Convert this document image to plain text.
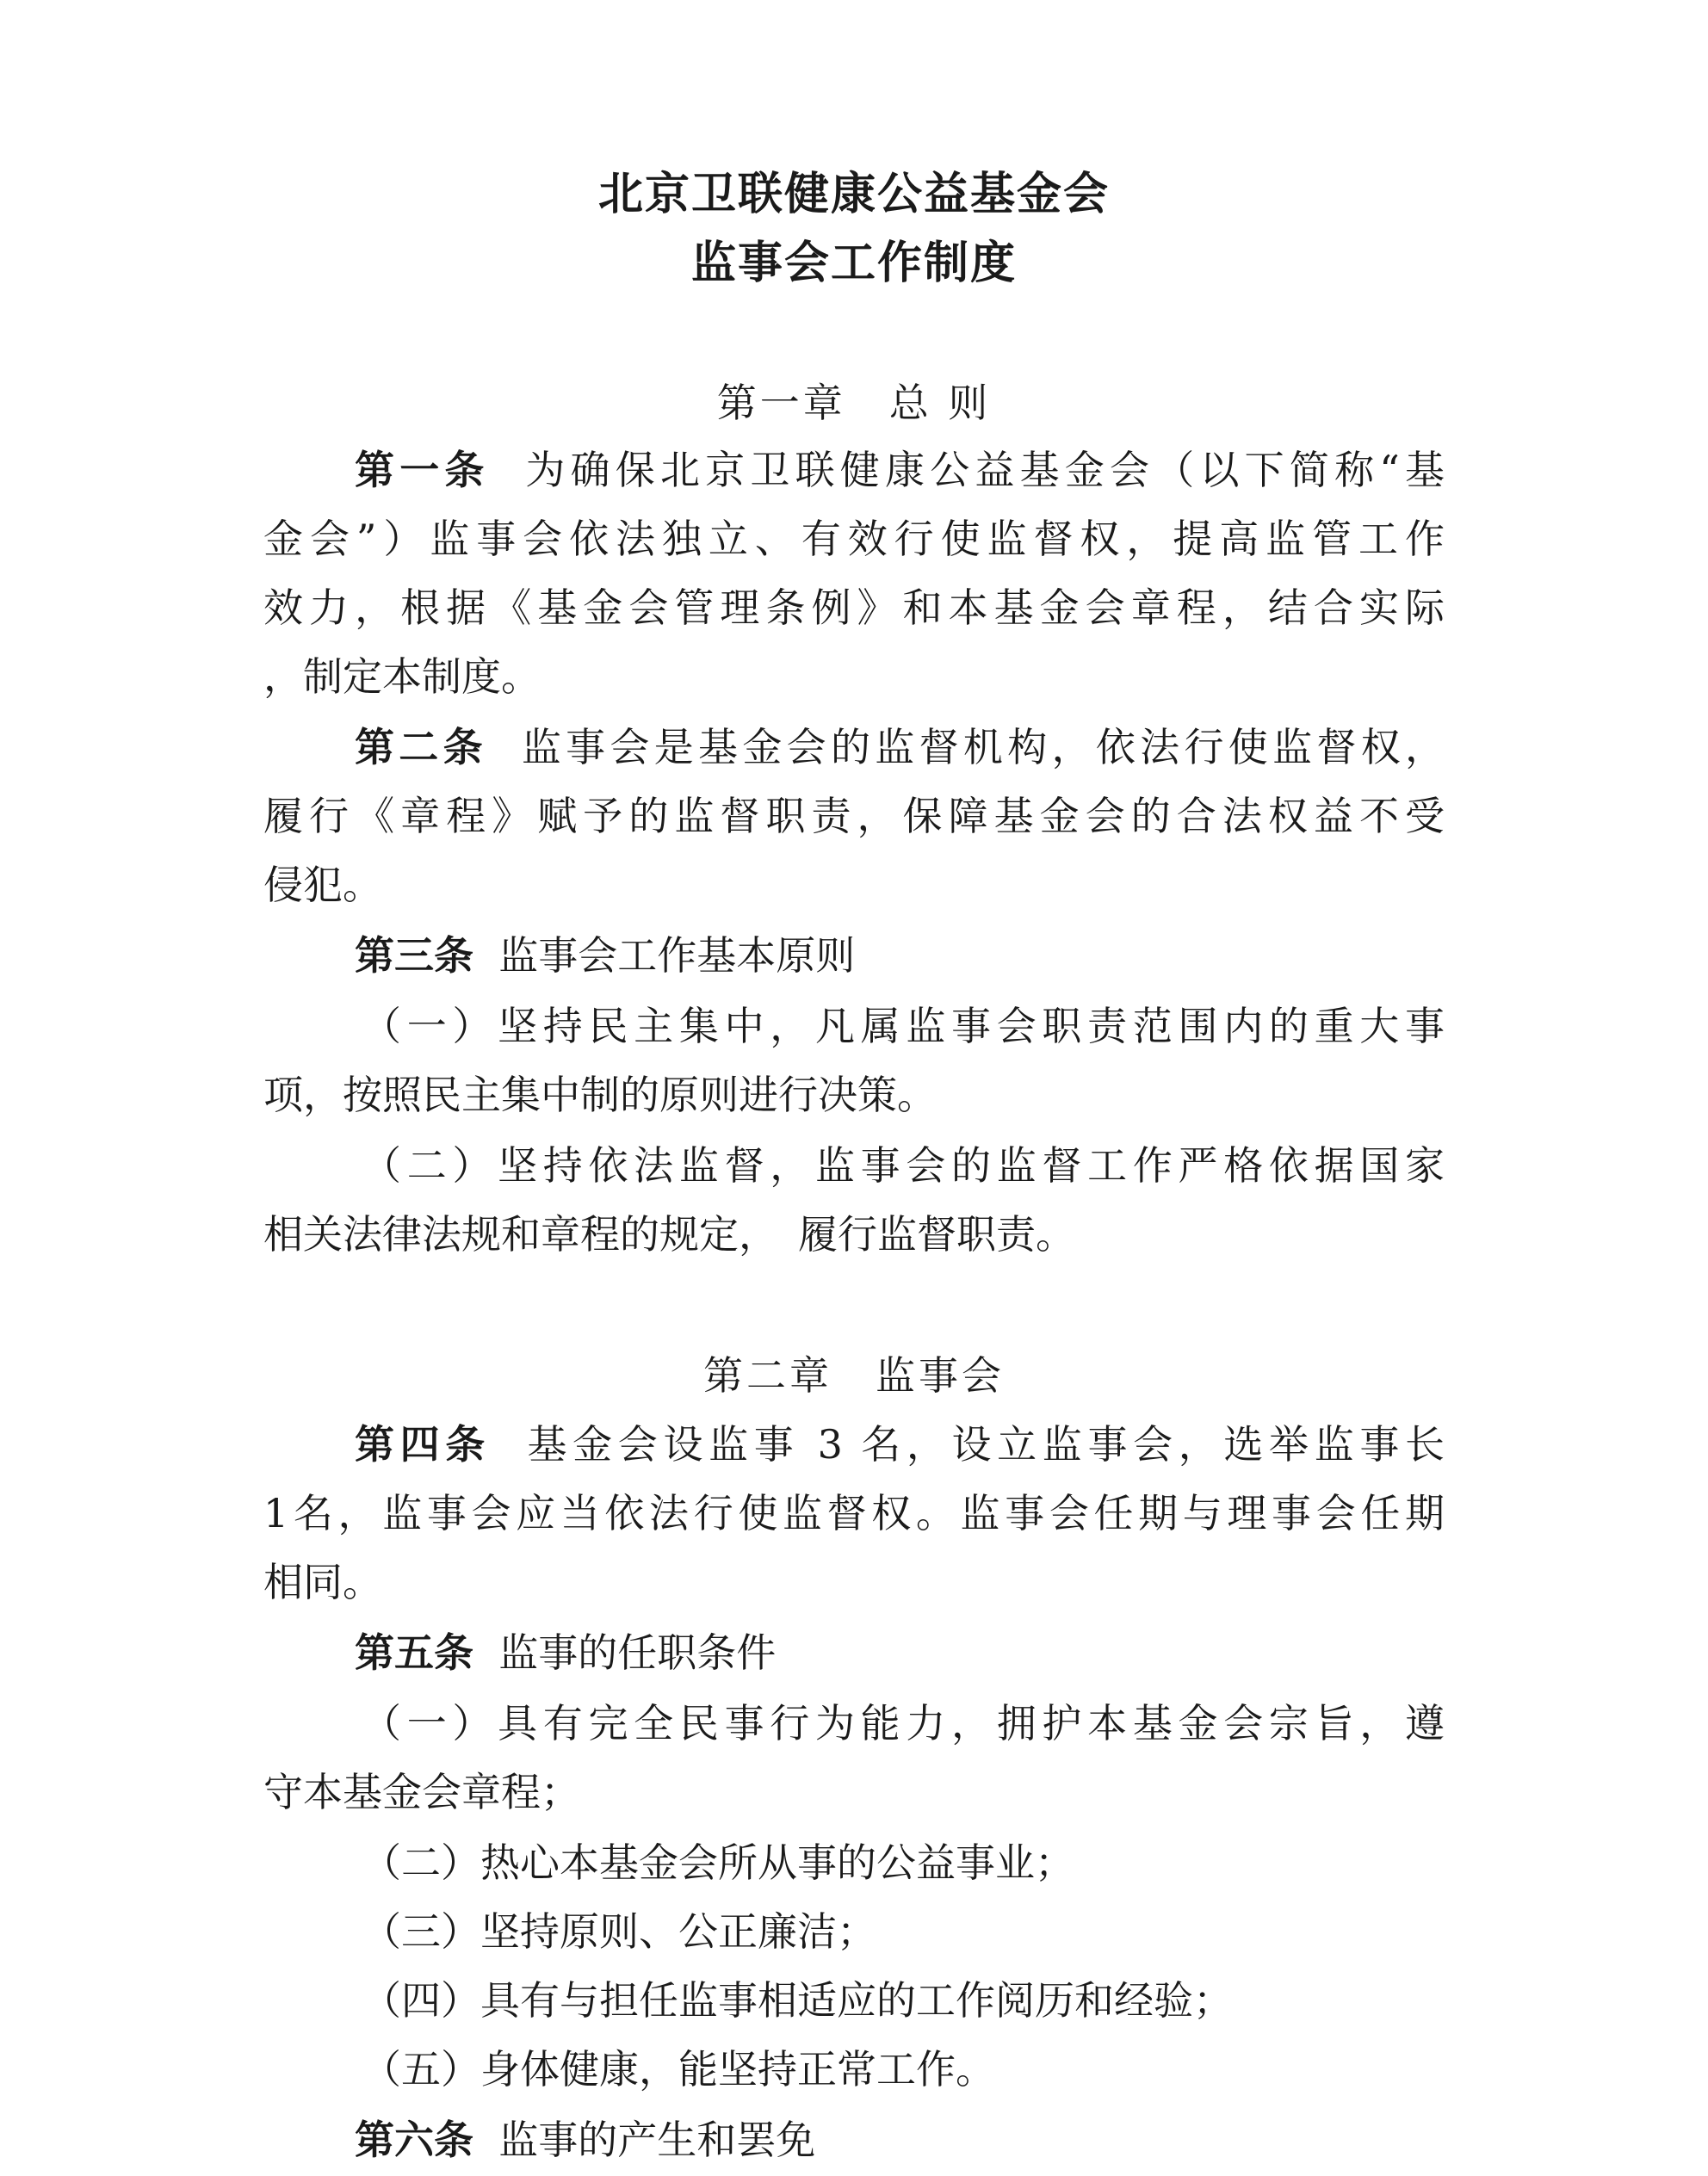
北京卫联健康公益基金会
监事会工作制度

第一章　总 则

第一条 为确保北京卫联健康公益基金会（以下简称“基
金会”）监事会依法独立、有效行使监督权，提高监管工作
效力，根据《基金会管理条例》和本基金会章程，结合实际
，制定本制度。
第二条 监事会是基金会的监督机构，依法行使监督权，
履行《章程》赋予的监督职责，保障基金会的合法权益不受
侵犯。
第三条 监事会工作基本原则
（一）坚持民主集中，凡属监事会职责范围内的重大事
项，按照民主集中制的原则进行决策。
（二）坚持依法监督，监事会的监督工作严格依据国家
相关法律法规和章程的规定，　履行监督职责。

第二章　监事会

第四条 基金会设监事 3 名，设立监事会，选举监事长
1名，监事会应当依法行使监督权。监事会任期与理事会任期
相同。
第五条 监事的任职条件
（一）具有完全民事行为能力，拥护本基金会宗旨，遵
守本基金会章程；
（二）热心本基金会所从事的公益事业；
（三）坚持原则、公正廉洁；
（四）具有与担任监事相适应的工作阅历和经验；
（五）身体健康，能坚持正常工作。
第六条 监事的产生和罢免
